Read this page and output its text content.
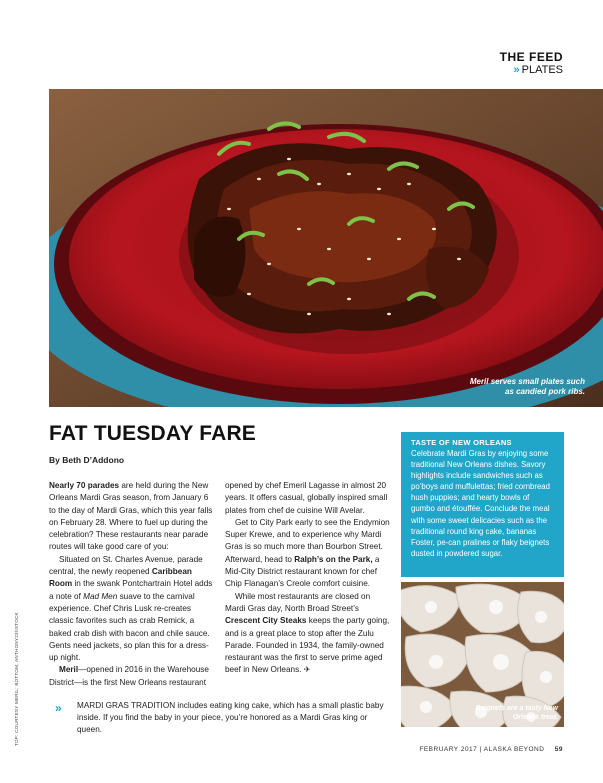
THE FEED
» PLATES
Meril serves small plates such as candied pork ribs.
FAT TUESDAY FARE
By Beth D’Addono
TOP: COURTESY MERIL; BOTTOM, ANTHONY23/ISTOCK

Nearly 70 parades are held during the New Orleans Mardi Gras season, from January 6 to the day of Mardi Gras, which this year falls on February 28. Where to fuel up during the celebration? These restaurants near parade routes will take good care of you:

Situated on St. Charles Avenue, parade central, the newly reopened Caribbean Room in the swank Pontchartrain Hotel adds a note of Mad Men suave to the carnival experience. Chef Chris Lusk re-creates classic favorites such as crab Remick, a baked crab dish with bacon and chile sauce. Gents need jackets, so plan this for a dress-up night.

Meril—opened in 2016 in the Warehouse District—is the first New Orleans restaurant

opened by chef Emeril Lagasse in almost 20 years. It offers casual, globally inspired small plates from chef de cuisine Will Avelar.

Get to City Park early to see the Endymion Super Krewe, and to experience why Mardi Gras is so much more than Bourbon Street. Afterward, head to Ralph’s on the Park, a Mid-City District restaurant known for chef Chip Flanagan’s Creole comfort cuisine.

While most restaurants are closed on Mardi Gras day, North Broad Street’s Crescent City Steaks keeps the party going, and is a great place to stop after the Zulu Parade. Founded in 1934, the family-owned restaurant was the first to serve prime aged beef in New Orleans. ✈

TASTE OF NEW ORLEANS
Celebrate Mardi Gras by enjoying some traditional New Orleans dishes. Savory highlights include sandwiches such as po’boys and muffulettas; fried cornbread hush puppies; and hearty bowls of gumbo and étouffée. Conclude the meal with some sweet delicacies such as the traditional round king cake, bananas Foster, pe-can pralines or flaky beignets dusted in powdered sugar.
Beignets are a tasty New Orleans treat.
»	MARDI GRAS TRADITION includes eating king cake, which has a small plastic baby inside. If you find the baby in your piece, you’re honored as a Mardi Gras king or queen.
FEBRUARY 2017 | ALASKA BEYOND 59
